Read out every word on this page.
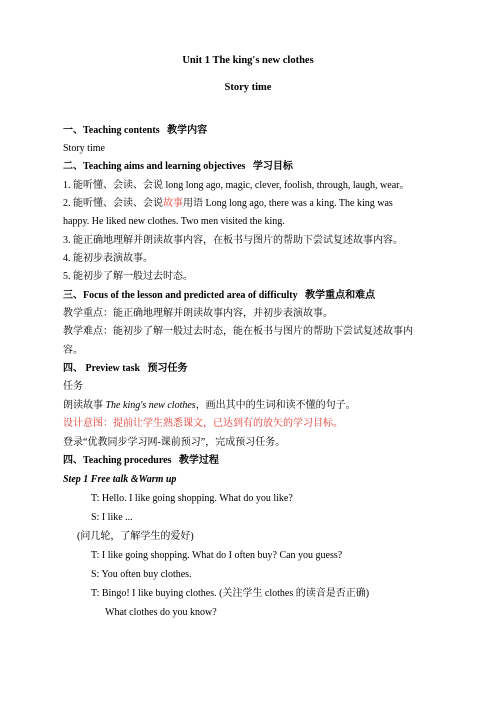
Unit 1 The king's new clothes
Story time
一、Teaching contents 教学内容
Story time
二、Teaching aims and learning objectives 学习目标
1. 能听懂、会读、会说 long long ago, magic, clever, foolish, through, laugh, wear。
2. 能听懂、会读、会说故事用语 Long long ago, there was a king. The king was
happy. He liked new clothes. Two men visited the king.
3. 能正确地理解并朗读故事内容，在板书与图片的帮助下尝试复述故事内容。
4. 能初步表演故事。
5. 能初步了解一般过去时态。
三、Focus of the lesson and predicted area of difficulty 教学重点和难点
教学重点：能正确地理解并朗读故事内容，并初步表演故事。
教学难点：能初步了解一般过去时态，能在板书与图片的帮助下尝试复述故事内
容。
四、 Preview task 预习任务
任务
朗读故事 The king's new clothes，画出其中的生词和读不懂的句子。
设计意图：提前让学生熟悉课文，已达到有的放矢的学习目标。
登录“优教同步学习网-课前预习”，完成预习任务。
四、Teaching procedures 教学过程
Step 1 Free talk &Warm up
T: Hello. I like going shopping. What do you like?
S: I like ...
(问几轮，了解学生的爱好)
T: I like going shopping. What do I often buy? Can you guess?
S: You often buy clothes.
T: Bingo! I like buying clothes. (关注学生 clothes 的读音是否正确)
What clothes do you know?
